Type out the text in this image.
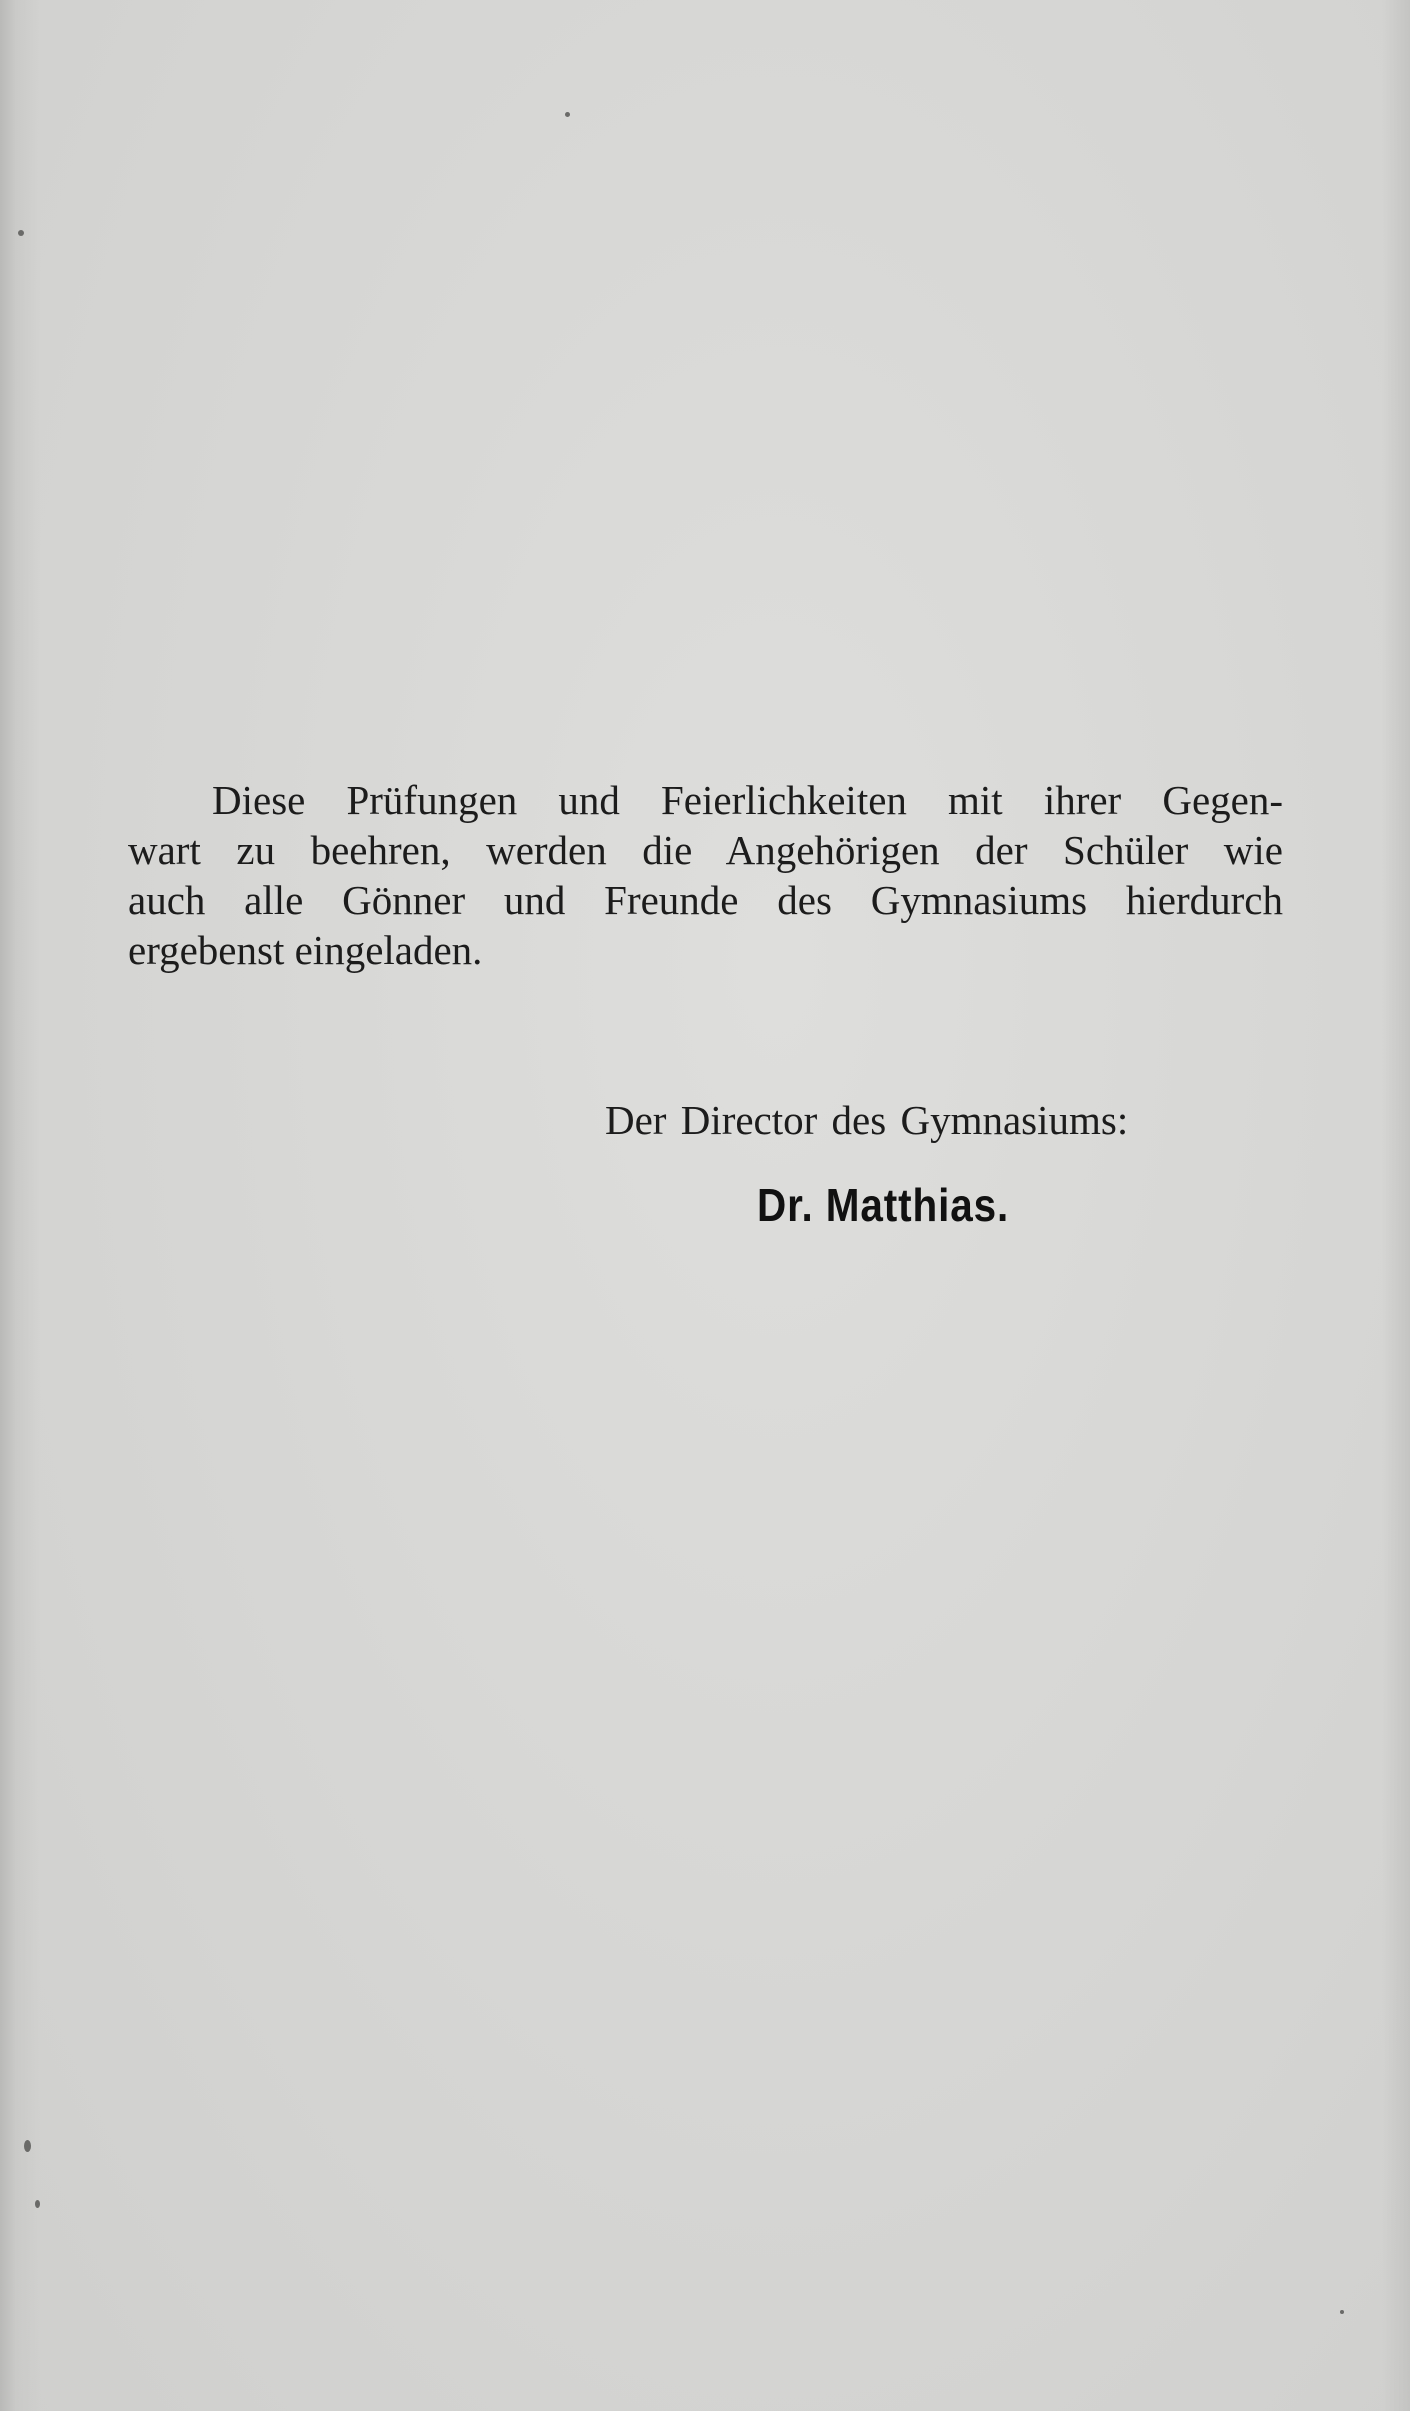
Diese Prüfungen und Feierlichkeiten mit ihrer Gegen-
wart zu beehren, werden die Angehörigen der Schüler wie
auch alle Gönner und Freunde des Gymnasiums hierdurch
ergebenst eingeladen.
Der Director des Gymnasiums:
Dr. Matthias.
